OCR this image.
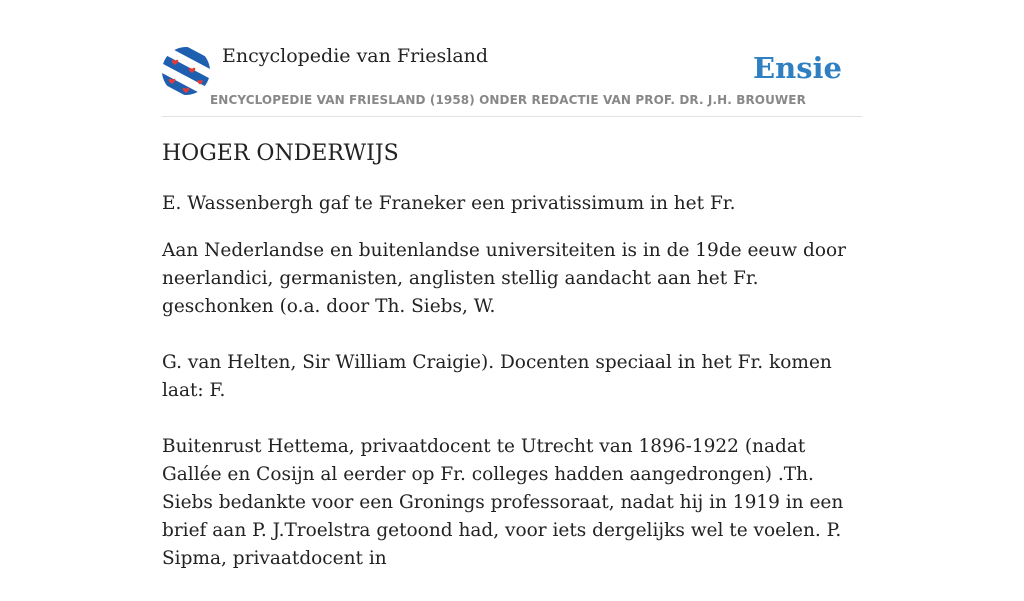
Encyclopedie van Friesland
ENCYCLOPEDIE VAN FRIESLAND (1958) ONDER REDACTIE VAN PROF. DR. J.H. BROUWER
Ensie
HOGER ONDERWIJS

E. Wassenbergh gaf te Franeker een privatissimum in het Fr.

Aan Nederlandse en buitenlandse universiteiten is in de 19de eeuw door neerlandici, germanisten, anglisten stellig aandacht aan het Fr. geschonken (o.a. door Th. Siebs, W.

G. van Helten, Sir William Craigie). Docenten speciaal in het Fr. komen laat: F.

Buitenrust Hettema, privaatdocent te Utrecht van 1896-1922 (nadat Gallée en Cosijn al eerder op Fr. colleges hadden aangedrongen) .Th. Siebs bedankte voor een Gronings professoraat, nadat hij in 1919 in een brief aan P. J.Troelstra getoond had, voor iets dergelijks wel te voelen. P. Sipma, privaatdocent in
